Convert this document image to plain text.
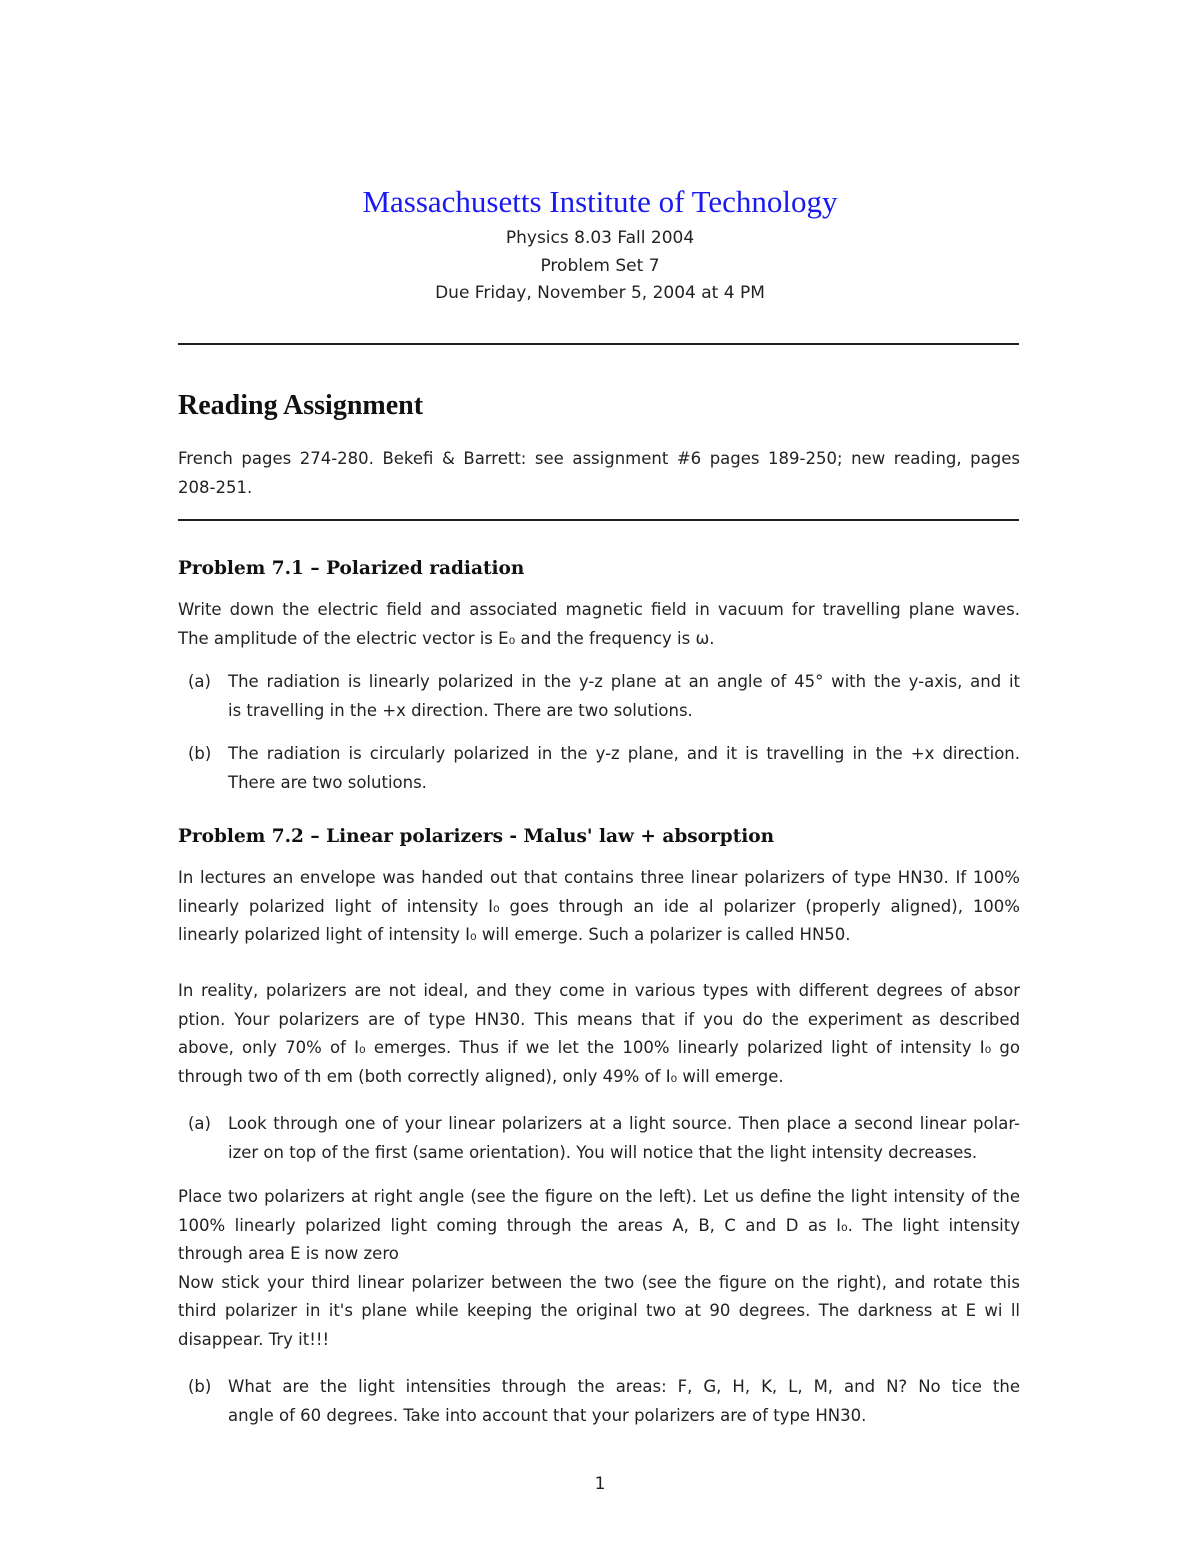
Massachusetts Institute of Technology
Physics 8.03 Fall 2004
Problem Set 7
Due Friday, November 5, 2004 at 4 PM
Reading Assignment
French pages 274-280. Bekefi & Barrett: see assignment #6 pages 189-250; new reading, pages
208-251.
Problem 7.1 – Polarized radiation
Write down the electric field and associated magnetic field in vacuum for travelling plane waves.
The amplitude of the electric vector is E₀ and the frequency is ω.
(a) The radiation is linearly polarized in the y-z plane at an angle of 45° with the y-axis, and it
is travelling in the +x direction. There are two solutions.
(b) The radiation is circularly polarized in the y-z plane, and it is travelling in the +x direction.
There are two solutions.
Problem 7.2 – Linear polarizers - Malus' law + absorption
In lectures an envelope was handed out that contains three linear polarizers of type HN30. If 100%
linearly polarized light of intensity I₀ goes through an ide al polarizer (properly aligned), 100%
linearly polarized light of intensity I₀ will emerge. Such a polarizer is called HN50.
In reality, polarizers are not ideal, and they come in various types with different degrees of absor
ption. Your polarizers are of type HN30. This means that if you do the experiment as described
above, only 70% of I₀ emerges. Thus if we let the 100% linearly polarized light of intensity I₀ go
through two of th em (both correctly aligned), only 49% of I₀ will emerge.
(a) Look through one of your linear polarizers at a light source. Then place a second linear polar-
izer on top of the first (same orientation). You will notice that the light intensity decreases.
Place two polarizers at right angle (see the figure on the left). Let us define the light intensity of the
100% linearly polarized light coming through the areas A, B, C and D as I₀. The light intensity
through area E is now zero
Now stick your third linear polarizer between the two (see the figure on the right), and rotate this
third polarizer in it's plane while keeping the original two at 90 degrees. The darkness at E wi ll
disappear. Try it!!!
(b) What are the light intensities through the areas: F, G, H, K, L, M, and N? No tice the
angle of 60 degrees. Take into account that your polarizers are of type HN30.
1
